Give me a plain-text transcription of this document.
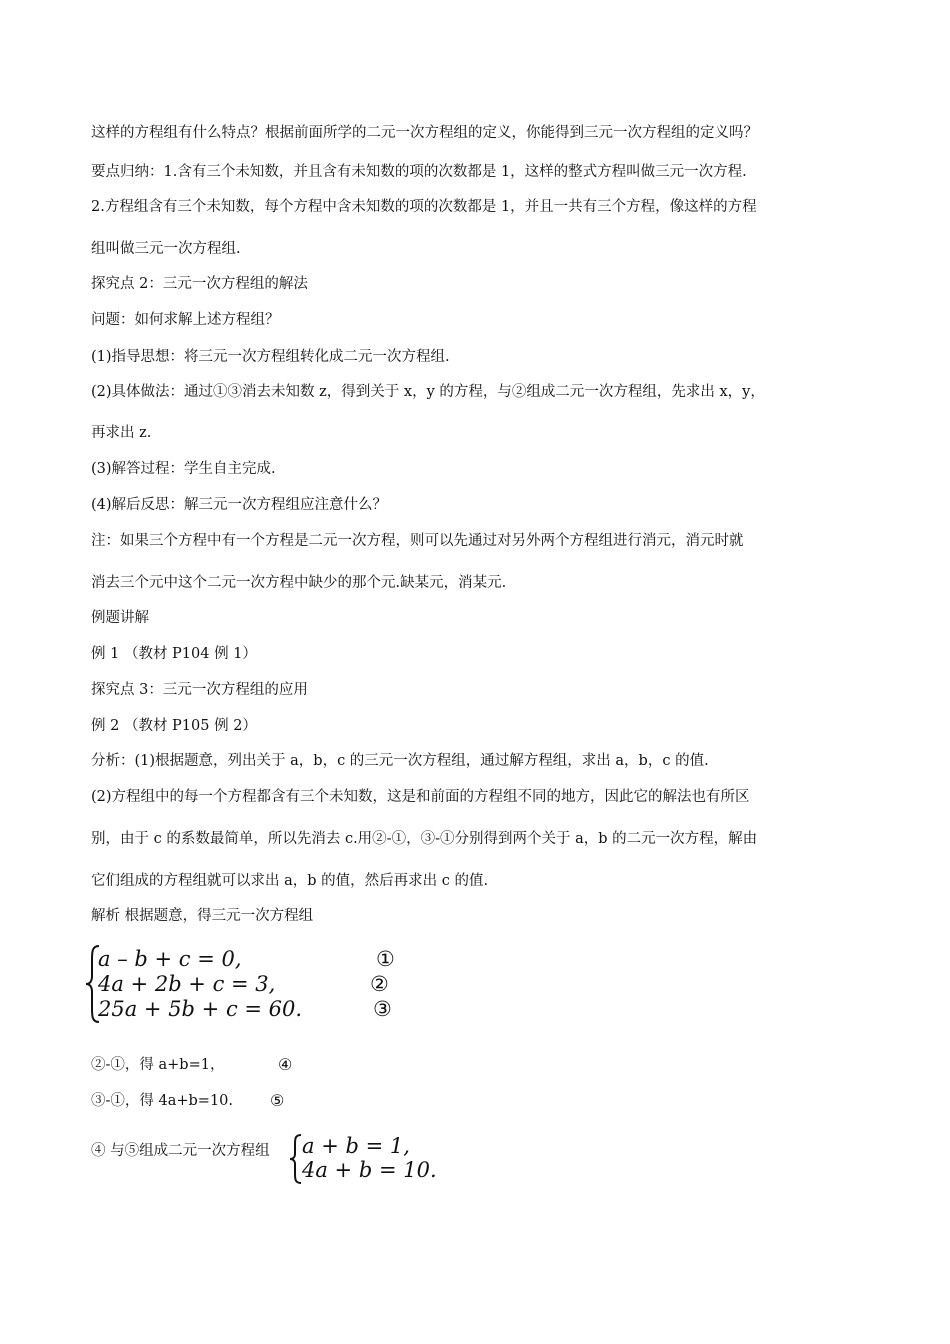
这样的方程组有什么特点？根据前面所学的二元一次方程组的定义，你能得到三元一次方程组的定义吗？
要点归纳：1.含有三个未知数，并且含有未知数的项的次数都是 1，这样的整式方程叫做三元一次方程.
2.方程组含有三个未知数，每个方程中含未知数的项的次数都是 1，并且一共有三个方程，像这样的方程
组叫做三元一次方程组.
探究点 2：三元一次方程组的解法
问题：如何求解上述方程组？
(1)指导思想：将三元一次方程组转化成二元一次方程组.
(2)具体做法：通过①③消去未知数 z，得到关于 x，y 的方程，与②组成二元一次方程组，先求出 x，y，
再求出 z.
(3)解答过程：学生自主完成.
(4)解后反思：解三元一次方程组应注意什么？
注：如果三个方程中有一个方程是二元一次方程，则可以先通过对另外两个方程组进行消元，消元时就
消去三个元中这个二元一次方程中缺少的那个元.缺某元，消某元.
例题讲解
例 1 （教材 P104 例 1）
探究点 3：三元一次方程组的应用
例 2 （教材 P105 例 2）
分析：(1)根据题意，列出关于 a，b，c 的三元一次方程组，通过解方程组，求出 a，b，c 的值.
(2)方程组中的每一个方程都含有三个未知数，这是和前面的方程组不同的地方，因此它的解法也有所区
别，由于 c 的系数最简单，所以先消去 c.用②-①，③-①分别得到两个关于 a，b 的二元一次方程，解由
它们组成的方程组就可以求出 a，b 的值，然后再求出 c 的值.
解析 根据题意，得三元一次方程组
a – b + c = 0,
4a + 2b + c = 3,
25a + 5b + c = 60.
①
②
③
②-①，得 a+b=1，	④
③-①，得 4a+b=10. ⑤
④ 与⑤组成二元一次方程组 a + b = 1,
4a + b = 10.
